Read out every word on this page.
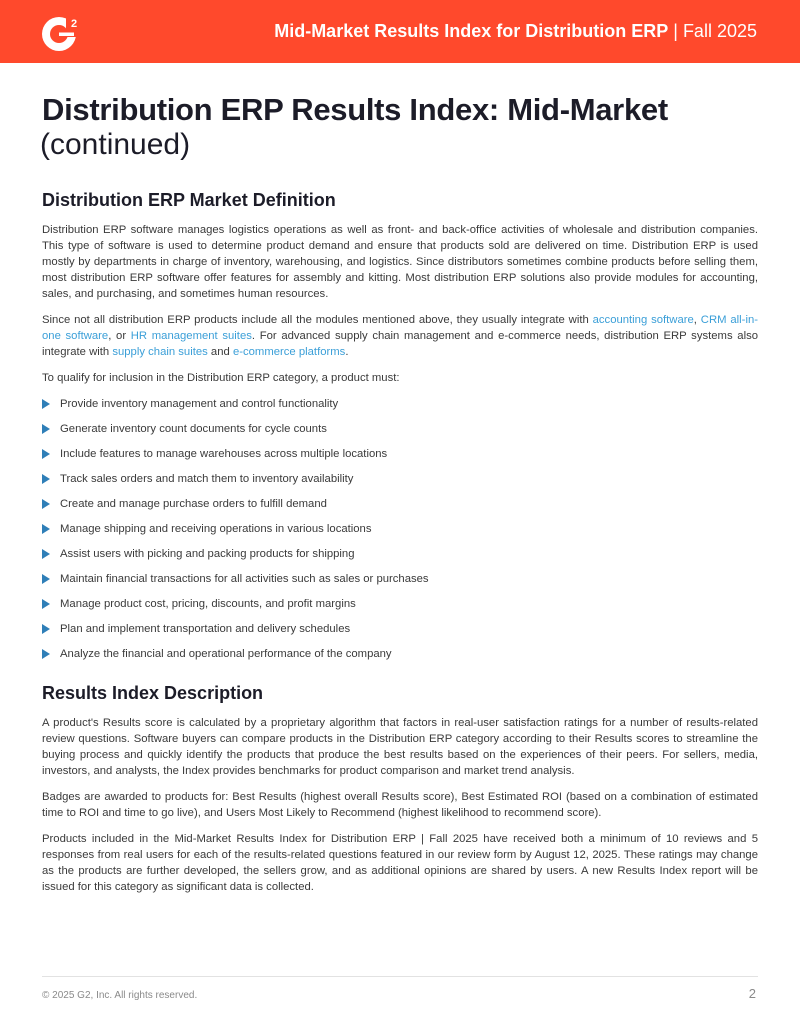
2	Mid-Market Results Index for Distribution ERP | Fall 2025
Distribution ERP Results Index: Mid-Market
(continued)
Distribution ERP Market Definition

Distribution ERP software manages logistics operations as well as front- and back-office activities of wholesale and distribution companies. This type of software is used to determine product demand and ensure that products sold are delivered on time. Distribution ERP is used mostly by departments in charge of inventory, warehousing, and logistics. Since distributors sometimes combine products before selling them, most distribution ERP software offer features for assembly and kitting. Most distribution ERP solutions also provide modules for accounting, sales, and purchasing, and sometimes human resources.

Since not all distribution ERP products include all the modules mentioned above, they usually integrate with accounting software, CRM all-in-one software, or HR management suites. For advanced supply chain management and e-commerce needs, distribution ERP systems also integrate with supply chain suites and e-commerce platforms.

To qualify for inclusion in the Distribution ERP category, a product must:

Provide inventory management and control functionality
Generate inventory count documents for cycle counts
Include features to manage warehouses across multiple locations
Track sales orders and match them to inventory availability
Create and manage purchase orders to fulfill demand
Manage shipping and receiving operations in various locations
Assist users with picking and packing products for shipping
Maintain financial transactions for all activities such as sales or purchases
Manage product cost, pricing, discounts, and profit margins
Plan and implement transportation and delivery schedules
Analyze the financial and operational performance of the company
Results Index Description

A product's Results score is calculated by a proprietary algorithm that factors in real-user satisfaction ratings for a number of results-related review questions. Software buyers can compare products in the Distribution ERP category according to their Results scores to streamline the buying process and quickly identify the products that produce the best results based on the experiences of their peers. For sellers, media, investors, and analysts, the Index provides benchmarks for product comparison and market trend analysis.

Badges are awarded to products for: Best Results (highest overall Results score), Best Estimated ROI (based on a combination of estimated time to ROI and time to go live), and Users Most Likely to Recommend (highest likelihood to recommend score).

Products included in the Mid-Market Results Index for Distribution ERP | Fall 2025 have received both a minimum of 10 reviews and 5 responses from real users for each of the results-related questions featured in our review form by August 12, 2025. These ratings may change as the products are further developed, the sellers grow, and as additional opinions are shared by users. A new Results Index report will be issued for this category as significant data is collected.

© 2025 G2, Inc. All rights reserved.	2
